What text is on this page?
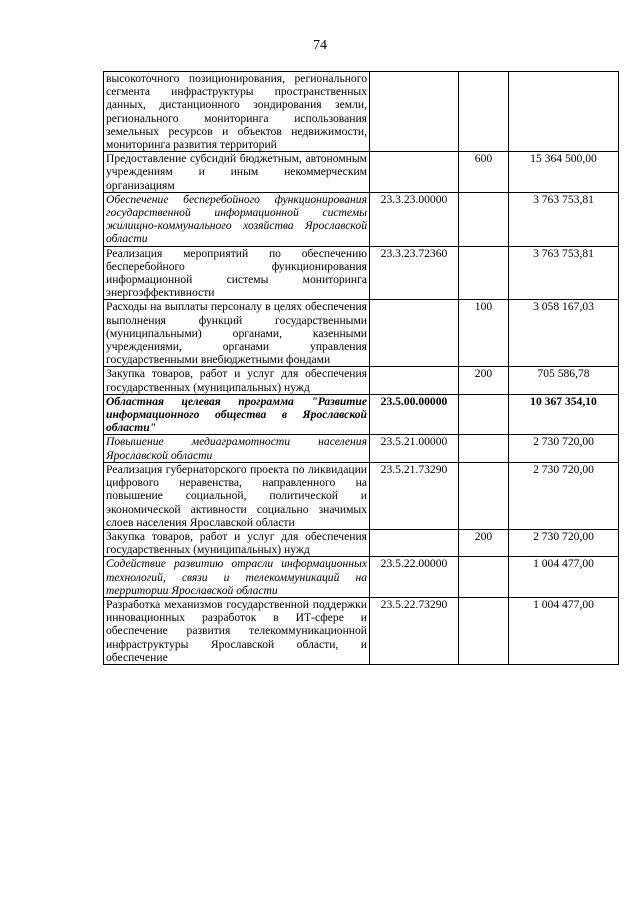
74
высокоточного позиционирования, регионального сегмента инфраструктуры пространственных данных, дистанционного зондирования земли, регионального мониторинга использования земельных ресурсов и объектов недвижимости, мониторинга развития территорий			
Предоставление субсидий бюджетным, автономным учреждениям и иным некоммерческим организациям		600	15 364 500,00
Обеспечение бесперебойного функционирования государственной информационной системы жилищно-коммунального хозяйства Ярославской области	23.3.23.00000		3 763 753,81
Реализация мероприятий по обеспечению бесперебойного функционирования информационной системы мониторинга энергоэффективности	23.3.23.72360		3 763 753,81
Расходы на выплаты персоналу в целях обеспечения выполнения функций государственными (муниципальными) органами, казенными учреждениями, органами управления государственными внебюджетными фондами		100	3 058 167,03
Закупка товаров, работ и услуг для обеспечения государственных (муниципальных) нужд		200	705 586,78
Областная целевая программа "Развитие информационного общества в Ярославской области"	23.5.00.00000		10 367 354,10
Повышение медиаграмотности населения Ярославской области	23.5.21.00000		2 730 720,00
Реализация губернаторского проекта по ликвидации цифрового неравенства, направленного на повышение социальной, политической и экономической активности социально значимых слоев населения Ярославской области	23.5.21.73290		2 730 720,00
Закупка товаров, работ и услуг для обеспечения государственных (муниципальных) нужд		200	2 730 720,00
Содействие развитию отрасли информационных технологий, связи и телекоммуникаций на территории Ярославской области	23.5.22.00000		1 004 477,00
Разработка механизмов государственной поддержки инновационных разработок в ИТ-сфере и обеспечение развития телекоммуникационной инфраструктуры Ярославской области, и обеспечение	23.5.22.73290		1 004 477,00
